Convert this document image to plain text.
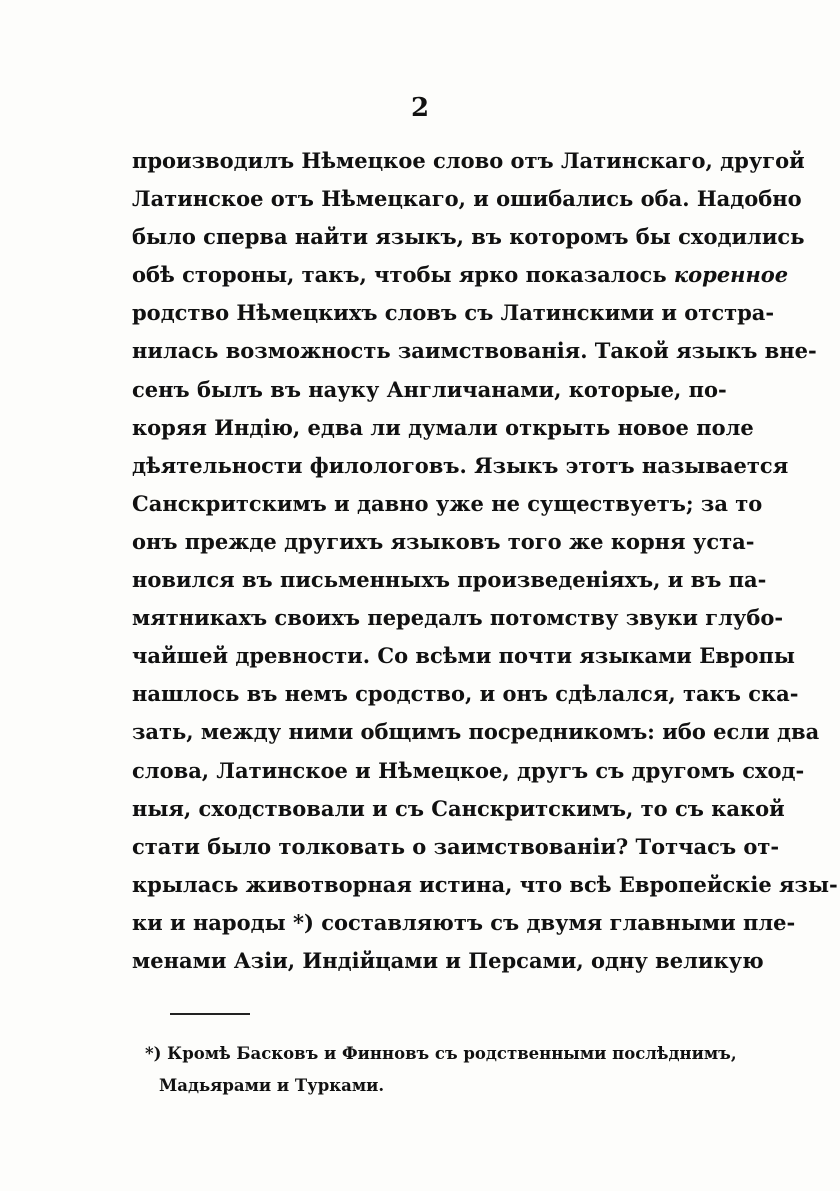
2
производилъ Нѣмецкое слово отъ Латинскаго, другой
Латинское отъ Нѣмецкаго, и ошибались оба. Надобно
было сперва найти языкъ, въ которомъ бы сходились
обѣ стороны, такъ, чтобы ярко показалось коренное
родство Нѣмецкихъ словъ съ Латинскими и отстра-
нилась возможность заимствованія. Такой языкъ вне-
сенъ былъ въ науку Англичанами, которые, по-
коряя Индію, едва ли думали открыть новое поле
дѣятельности филологовъ. Языкъ этотъ называется
Санскритскимъ и давно уже не существуетъ; за то
онъ прежде другихъ языковъ того же корня уста-
новился въ письменныхъ произведеніяхъ, и въ па-
мятникахъ своихъ передалъ потомству звуки глубо-
чайшей древности. Со всѣми почти языками Европы
нашлось въ немъ сродство, и онъ сдѣлался, такъ ска-
зать, между ними общимъ посредникомъ: ибо если два
слова, Латинское и Нѣмецкое, другъ съ другомъ сход-
ныя, сходствовали и съ Санскритскимъ, то съ какой
стати было толковать о заимствованіи? Тотчасъ от-
крылась животворная истина, что всѣ Европейскіе язы-
ки и народы *) составляютъ съ двумя главными пле-
менами Азіи, Индійцами и Персами, одну великую
*) Кромѣ Басковъ и Финновъ съ родственными послѣднимъ,
Мадьярами и Турками.
